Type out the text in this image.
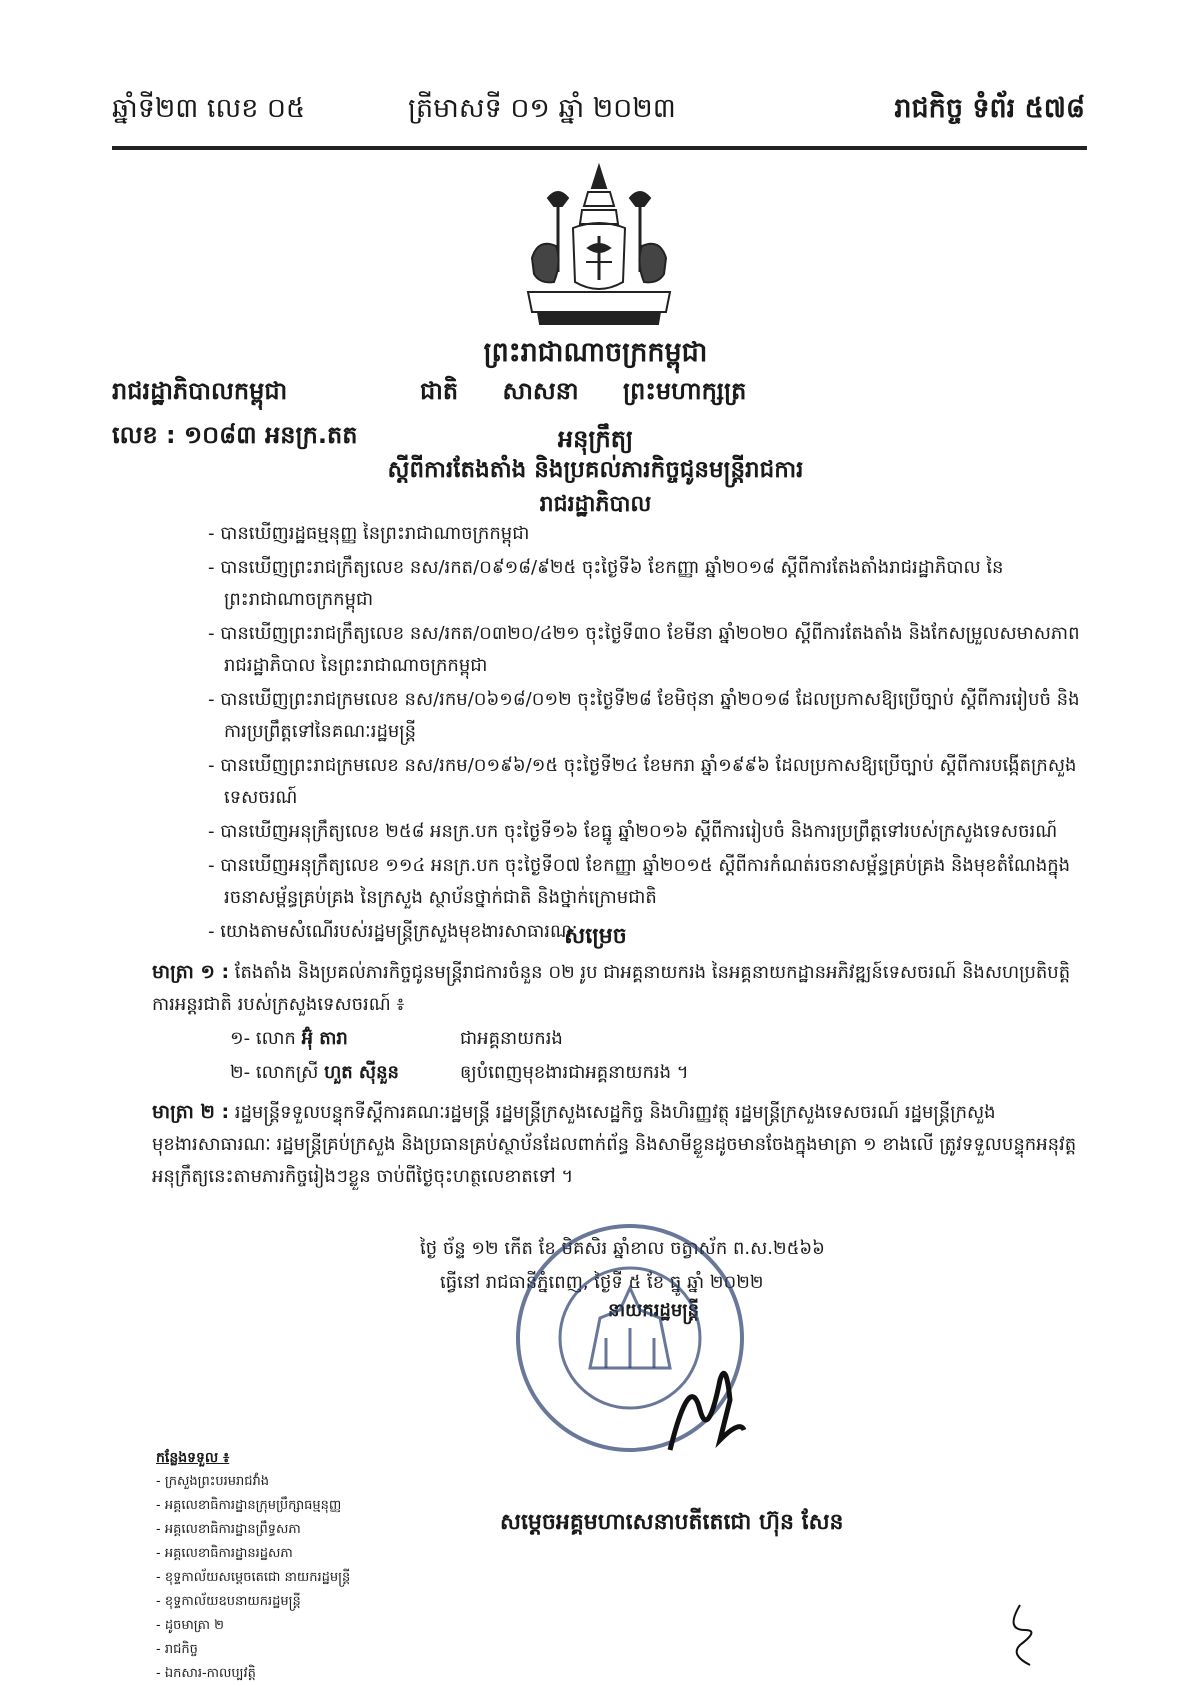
ឆ្នាំទី២៣ លេខ ០៥	ត្រីមាសទី ០១ ឆ្នាំ ២០២៣	រាជកិច្ច ទំព័រ ៥៧៨
ព្រះរាជាណាចក្រកម្ពុជា
រាជរដ្ឋាភិបាលកម្ពុជា	ជាតិ សាសនា ព្រះមហាក្សត្រ
លេខ : ១០៨៣ អនក្រ.តត	អនុក្រឹត្យ
ស្តីពីការតែងតាំង និងប្រគល់ភារកិច្ចជូនមន្ត្រីរាជការ
រាជរដ្ឋាភិបាល
- បានឃើញរដ្ឋធម្មនុញ្ញ នៃព្រះរាជាណាចក្រកម្ពុជា
- បានឃើញព្រះរាជក្រឹត្យលេខ នស/រកត/០៩១៨/៩២៥ ចុះថ្ងៃទី៦ ខែកញ្ញា ឆ្នាំ២០១៨ ស្តីពីការតែងតាំងរាជរដ្ឋាភិបាល នៃព្រះរាជាណាចក្រកម្ពុជា
- បានឃើញព្រះរាជក្រឹត្យលេខ នស/រកត/០៣២០/៤២១ ចុះថ្ងៃទី៣០ ខែមីនា ឆ្នាំ២០២០ ស្តីពីការតែងតាំង និងកែសម្រួលសមាសភាពរាជរដ្ឋាភិបាល នៃព្រះរាជាណាចក្រកម្ពុជា
- បានឃើញព្រះរាជក្រមលេខ នស/រកម/០៦១៨/០១២ ចុះថ្ងៃទី២៨ ខែមិថុនា ឆ្នាំ២០១៨ ដែលប្រកាសឱ្យប្រើច្បាប់ ស្តីពីការរៀបចំ និងការប្រព្រឹត្តទៅនៃគណៈរដ្ឋមន្ត្រី
- បានឃើញព្រះរាជក្រមលេខ នស/រកម/០១៩៦/១៥ ចុះថ្ងៃទី២៤ ខែមករា ឆ្នាំ១៩៩៦ ដែលប្រកាសឱ្យប្រើច្បាប់ ស្តីពីការបង្កើតក្រសួងទេសចរណ៍
- បានឃើញអនុក្រឹត្យលេខ ២៥៨ អនក្រ.បក ចុះថ្ងៃទី១៦ ខែធ្នូ ឆ្នាំ២០១៦ ស្តីពីការរៀបចំ និងការប្រព្រឹត្តទៅរបស់ក្រសួងទេសចរណ៍
- បានឃើញអនុក្រឹត្យលេខ ១១៤ អនក្រ.បក ចុះថ្ងៃទី០៧ ខែកញ្ញា ឆ្នាំ២០១៥ ស្តីពីការកំណត់រចនាសម្ព័ន្ធគ្រប់គ្រង និងមុខតំណែងក្នុងរចនាសម្ព័ន្ធគ្រប់គ្រង នៃក្រសួង ស្ថាប័នថ្នាក់ជាតិ និងថ្នាក់ក្រោមជាតិ
- យោងតាមសំណើរបស់រដ្ឋមន្ត្រីក្រសួងមុខងារសាធារណៈ
សម្រេច
មាត្រា ១ : តែងតាំង និងប្រគល់ភារកិច្ចជូនមន្ត្រីរាជការចំនួន ០២ រូប ជាអគ្គនាយករង នៃអគ្គនាយកដ្ឋានអភិវឌ្ឍន៍ទេសចរណ៍ និងសហប្រតិបត្តិការអន្តរជាតិ របស់ក្រសួងទេសចរណ៍ ៖
១- លោក អ៊ុំ តារា	ជាអគ្គនាយករង
២- លោកស្រី ហួត ស៊ីនួន	ឲ្យបំពេញមុខងារជាអគ្គនាយករង ។
មាត្រា ២ : រដ្ឋមន្ត្រីទទួលបន្ទុកទីស្តីការគណៈរដ្ឋមន្ត្រី រដ្ឋមន្ត្រីក្រសួងសេដ្ឋកិច្ច និងហិរញ្ញវត្ថុ រដ្ឋមន្ត្រីក្រសួងទេសចរណ៍ រដ្ឋមន្ត្រីក្រសួងមុខងារសាធារណៈ រដ្ឋមន្ត្រីគ្រប់ក្រសួង និងប្រធានគ្រប់ស្ថាប័នដែលពាក់ព័ន្ធ និងសាមីខ្លួនដូចមានចែងក្នុងមាត្រា ១ ខាងលើ ត្រូវទទួលបន្ទុកអនុវត្តអនុក្រឹត្យនេះតាមភារកិច្ចរៀងៗខ្លួន ចាប់ពីថ្ងៃចុះហត្ថលេខាតទៅ ។
ថ្ងៃ ច័ន្ទ ១២ កើត ខែ មិគសិរ ឆ្នាំខាល ចត្វាស័ក ព.ស.២៥៦៦
ធ្វើនៅ រាជធានីភ្នំពេញ, ថ្ងៃទី ៥ ខែ ធ្នូ ឆ្នាំ ២០២២
នាយករដ្ឋមន្ត្រី
កន្លែងទទួល ៖
- ក្រសួងព្រះបរមរាជវាំង
- អគ្គលេខាធិការដ្ឋានក្រុមប្រឹក្សាធម្មនុញ្ញ
- អគ្គលេខាធិការដ្ឋានព្រឹទ្ធសភា
- អគ្គលេខាធិការដ្ឋានរដ្ឋសភា
- ខុទ្ទកាល័យសម្តេចតេជោ នាយករដ្ឋមន្ត្រី
- ខុទ្ទកាល័យឧបនាយករដ្ឋមន្ត្រី
- ដូចមាត្រា ២
- រាជកិច្ច
- ឯកសារ-កាលប្បវត្តិ
សម្តេចអគ្គមហាសេនាបតីតេជោ ហ៊ុន សែន
